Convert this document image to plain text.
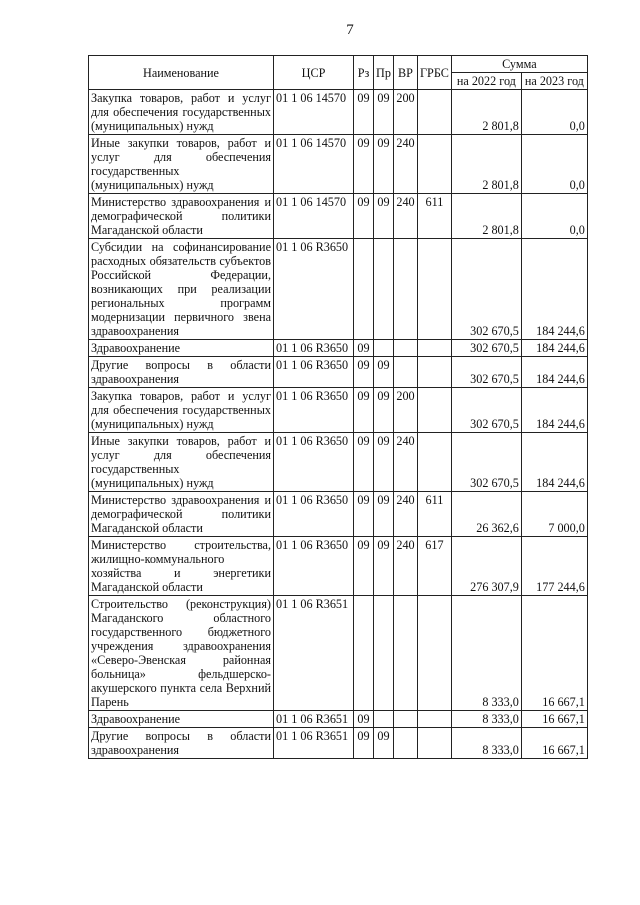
7
Наименование	ЦСР	Рз	Пр	ВР	ГРБС	Сумма	
						на 2022 год	на 2023 год
Закупка товаров, работ и услуг для обеспечения государственных (муниципальных) нужд	01 1 06 14570	09	09	200		2 801,8	0,0
Иные закупки товаров, работ и услуг для обеспечения государственных (муниципальных) нужд	01 1 06 14570	09	09	240		2 801,8	0,0
Министерство здравоохранения и демографической политики Магаданской области	01 1 06 14570	09	09	240	611	2 801,8	0,0
Субсидии на софинансирование расходных обязательств субъектов Российской Федерации, возникающих при реализации региональных программ модернизации первичного звена здравоохранения	01 1 06 R3650					302 670,5	184 244,6
Здравоохранение	01 1 06 R3650	09				302 670,5	184 244,6
Другие вопросы в области здравоохранения	01 1 06 R3650	09	09			302 670,5	184 244,6
Закупка товаров, работ и услуг для обеспечения государственных (муниципальных) нужд	01 1 06 R3650	09	09	200		302 670,5	184 244,6
Иные закупки товаров, работ и услуг для обеспечения государственных (муниципальных) нужд	01 1 06 R3650	09	09	240		302 670,5	184 244,6
Министерство здравоохранения и демографической политики Магаданской области	01 1 06 R3650	09	09	240	611	26 362,6	7 000,0
Министерство строительства, жилищно-коммунального хозяйства и энергетики Магаданской области	01 1 06 R3650	09	09	240	617	276 307,9	177 244,6
Строительство (реконструкция) Магаданского областного государственного бюджетного учреждения здравоохранения «Северо-Эвенская районная больница» фельдшерско-акушерского пункта села Верхний Парень	01 1 06 R3651					8 333,0	16 667,1
Здравоохранение	01 1 06 R3651	09				8 333,0	16 667,1
Другие вопросы в области здравоохранения	01 1 06 R3651	09	09			8 333,0	16 667,1
